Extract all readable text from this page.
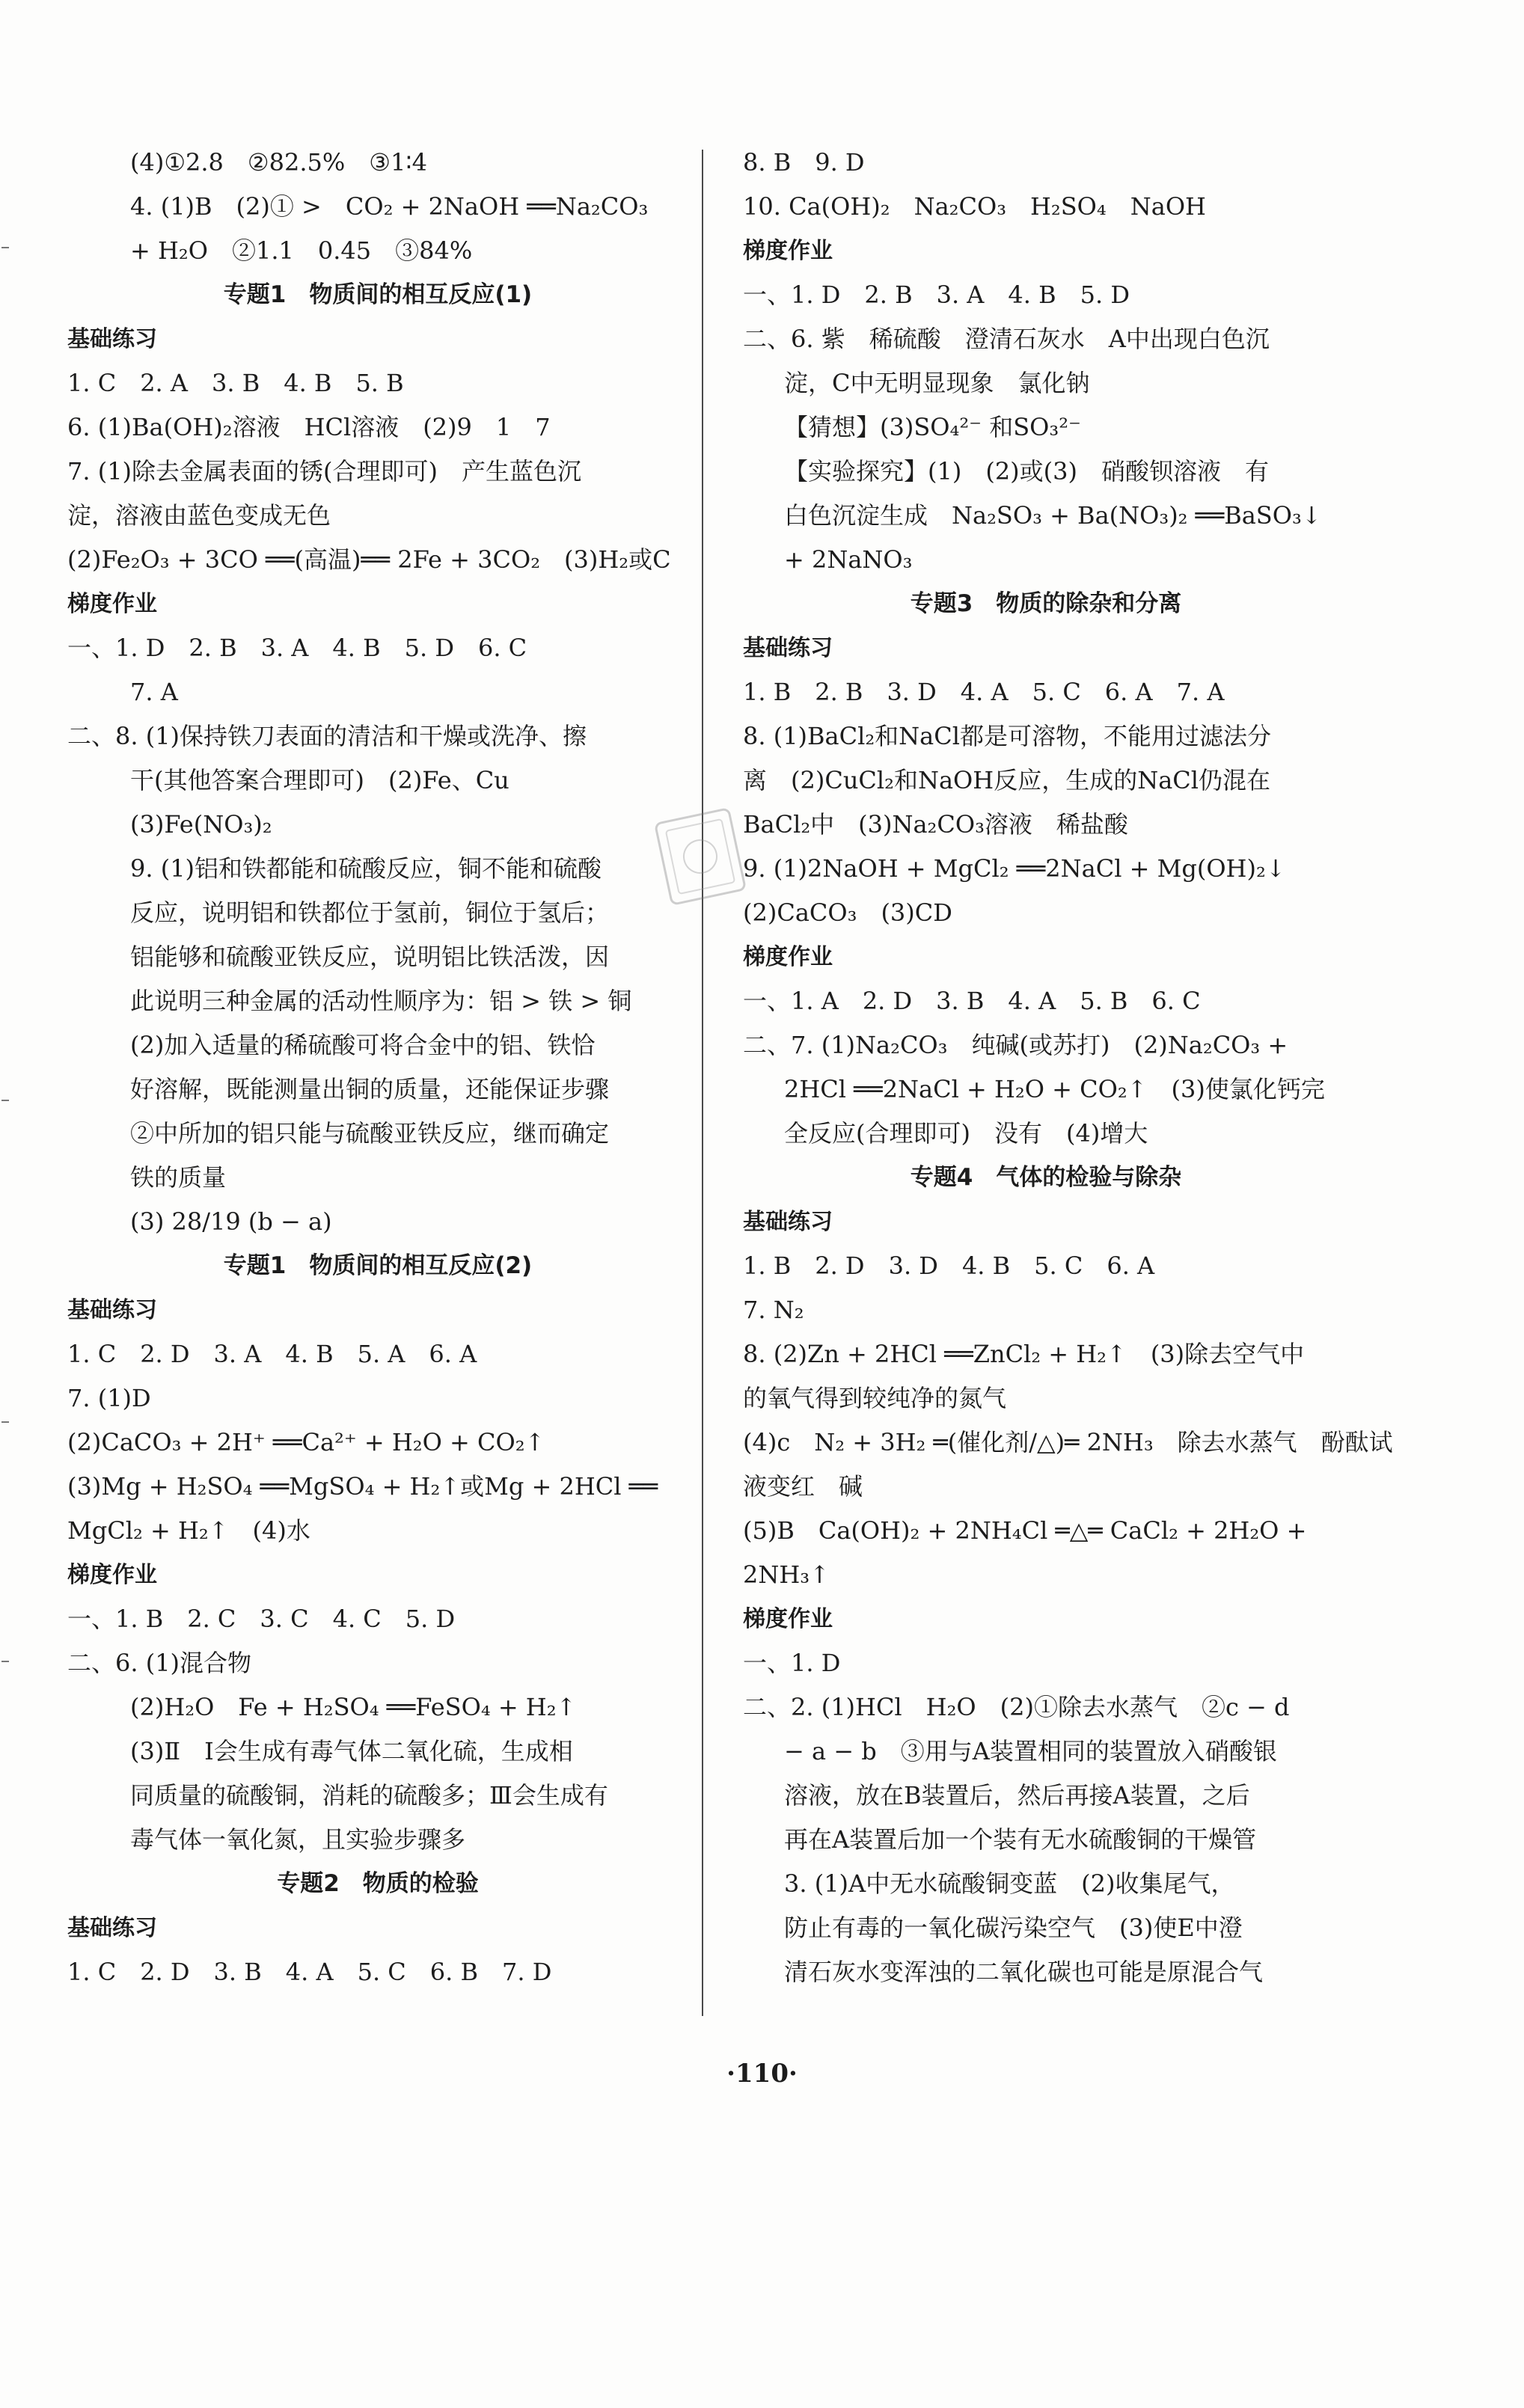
(4)①2.8　②82.5%　③1∶4
4. (1)B　(2)① >　CO₂ + 2NaOH ══Na₂CO₃
+ H₂O　②1.1　0.45　③84%
专题1　物质间的相互反应(1)
基础练习
1. C　2. A　3. B　4. B　5. B
6. (1)Ba(OH)₂溶液　HCl溶液　(2)9　1　7
7. (1)除去金属表面的锈(合理即可)　产生蓝色沉
淀，溶液由蓝色变成无色
(2)Fe₂O₃ + 3CO ══(高温)══ 2Fe + 3CO₂　(3)H₂或C
梯度作业
一、1. D　2. B　3. A　4. B　5. D　6. C
7. A
二、8. (1)保持铁刀表面的清洁和干燥或洗净、擦
干(其他答案合理即可)　(2)Fe、Cu
(3)Fe(NO₃)₂
9. (1)铝和铁都能和硫酸反应，铜不能和硫酸
反应，说明铝和铁都位于氢前，铜位于氢后；
铝能够和硫酸亚铁反应，说明铝比铁活泼，因
此说明三种金属的活动性顺序为：铝 > 铁 > 铜
(2)加入适量的稀硫酸可将合金中的铝、铁恰
好溶解，既能测量出铜的质量，还能保证步骤
②中所加的铝只能与硫酸亚铁反应，继而确定
铁的质量
(3) 28/19 (b − a)
专题1　物质间的相互反应(2)
基础练习
1. C　2. D　3. A　4. B　5. A　6. A
7. (1)D
(2)CaCO₃ + 2H⁺ ══Ca²⁺ + H₂O + CO₂↑
(3)Mg + H₂SO₄ ══MgSO₄ + H₂↑或Mg + 2HCl ══
MgCl₂ + H₂↑　(4)水
梯度作业
一、1. B　2. C　3. C　4. C　5. D
二、6. (1)混合物
(2)H₂O　Fe + H₂SO₄ ══FeSO₄ + H₂↑
(3)Ⅱ　Ⅰ会生成有毒气体二氧化硫，生成相
同质量的硫酸铜，消耗的硫酸多；Ⅲ会生成有
毒气体一氧化氮，且实验步骤多
专题2　物质的检验
基础练习
1. C　2. D　3. B　4. A　5. C　6. B　7. D
8. B　9. D
10. Ca(OH)₂　Na₂CO₃　H₂SO₄　NaOH
梯度作业
一、1. D　2. B　3. A　4. B　5. D
二、6. 紫　稀硫酸　澄清石灰水　A中出现白色沉
淀，C中无明显现象　氯化钠
【猜想】(3)SO₄²⁻ 和SO₃²⁻
【实验探究】(1)　(2)或(3)　硝酸钡溶液　有
白色沉淀生成　Na₂SO₃ + Ba(NO₃)₂ ══BaSO₃↓
+ 2NaNO₃
专题3　物质的除杂和分离
基础练习
1. B　2. B　3. D　4. A　5. C　6. A　7. A
8. (1)BaCl₂和NaCl都是可溶物，不能用过滤法分
离　(2)CuCl₂和NaOH反应，生成的NaCl仍混在
BaCl₂中　(3)Na₂CO₃溶液　稀盐酸
9. (1)2NaOH + MgCl₂ ══2NaCl + Mg(OH)₂↓
(2)CaCO₃　(3)CD
梯度作业
一、1. A　2. D　3. B　4. A　5. B　6. C
二、7. (1)Na₂CO₃　纯碱(或苏打)　(2)Na₂CO₃ +
2HCl ══2NaCl + H₂O + CO₂↑　(3)使氯化钙完
全反应(合理即可)　没有　(4)增大
专题4　气体的检验与除杂
基础练习
1. B　2. D　3. D　4. B　5. C　6. A
7. N₂
8. (2)Zn + 2HCl ══ZnCl₂ + H₂↑　(3)除去空气中
的氧气得到较纯净的氮气
(4)c　N₂ + 3H₂ ═(催化剂/△)═ 2NH₃　除去水蒸气　酚酞试
液变红　碱
(5)B　Ca(OH)₂ + 2NH₄Cl ═△═ CaCl₂ + 2H₂O +
2NH₃↑
梯度作业
一、1. D
二、2. (1)HCl　H₂O　(2)①除去水蒸气　②c − d
− a − b　③用与A装置相同的装置放入硝酸银
溶液，放在B装置后，然后再接A装置，之后
再在A装置后加一个装有无水硫酸铜的干燥管
3. (1)A中无水硫酸铜变蓝　(2)收集尾气，
防止有毒的一氧化碳污染空气　(3)使E中澄
清石灰水变浑浊的二氧化碳也可能是原混合气
·110·
